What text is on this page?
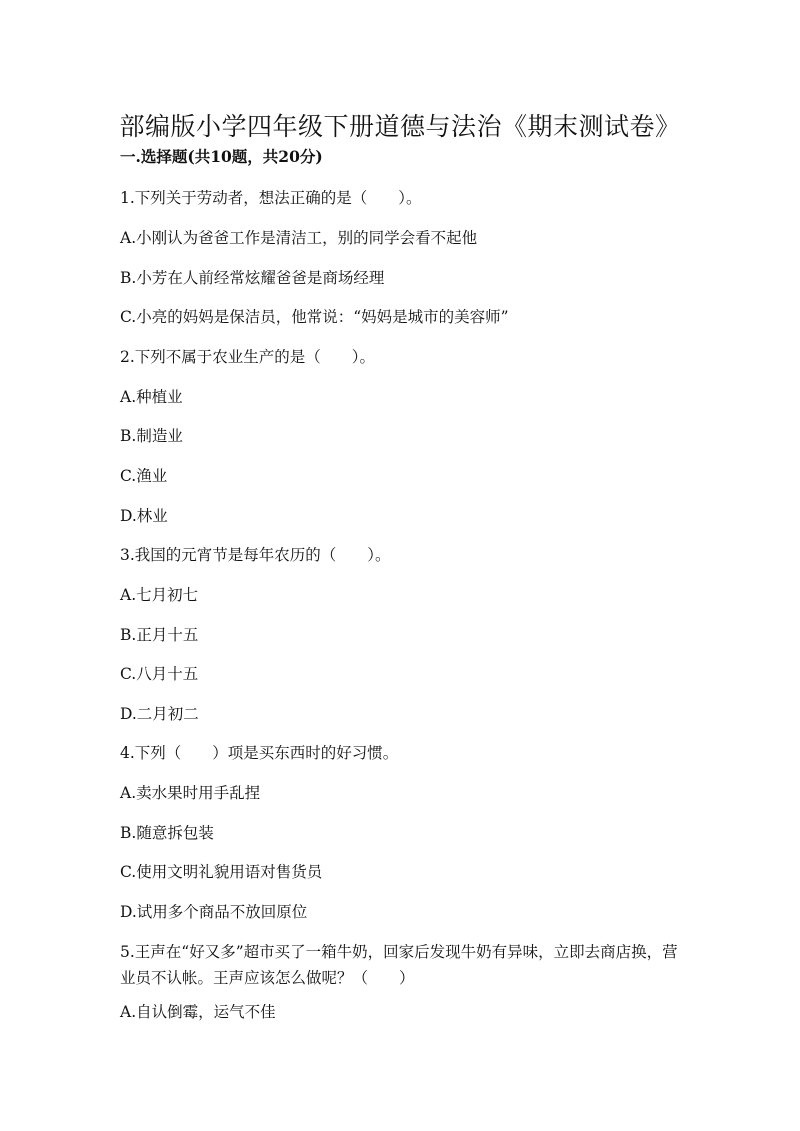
部编版小学四年级下册道德与法治《期末测试卷》
一.选择题(共10题，共20分)
1.下列关于劳动者，想法正确的是（　　）。
A.小刚认为爸爸工作是清洁工，别的同学会看不起他
B.小芳在人前经常炫耀爸爸是商场经理
C.小亮的妈妈是保洁员，他常说：“妈妈是城市的美容师”
2.下列不属于农业生产的是（　　）。
A.种植业
B.制造业
C.渔业
D.林业
3.我国的元宵节是每年农历的（　　）。
A.七月初七
B.正月十五
C.八月十五
D.二月初二
4.下列（　　）项是买东西时的好习惯。
A.卖水果时用手乱捏
B.随意拆包装
C.使用文明礼貌用语对售货员
D.试用多个商品不放回原位
5.王声在“好又多”超市买了一箱牛奶，回家后发现牛奶有异味，立即去商店换，营业员不认帐。王声应该怎么做呢？（　　）
A.自认倒霉，运气不佳
